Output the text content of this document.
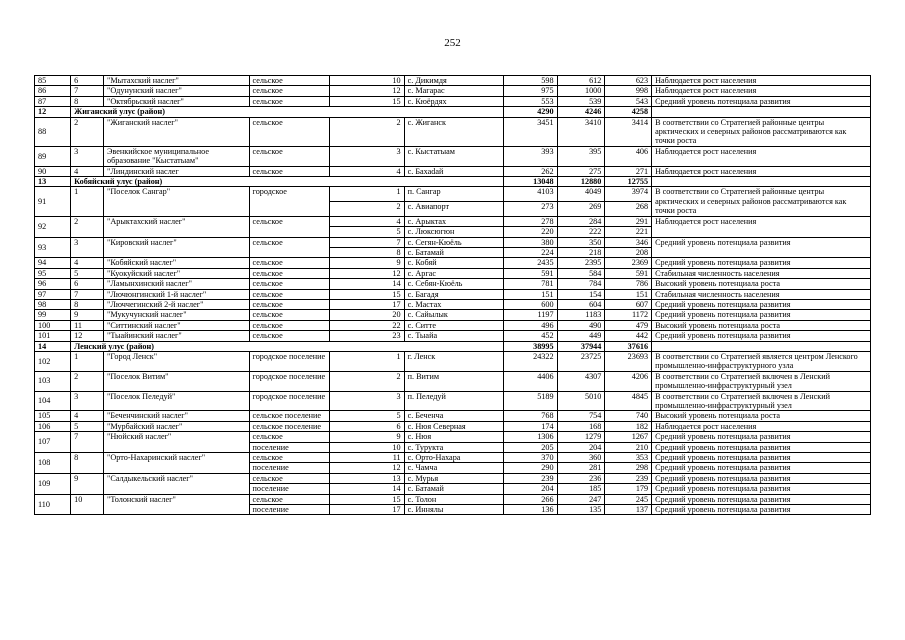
252
85	6	"Мытахский наслег"	сельское	10	с. Дикимдя	598	612	623	Наблюдается рост населения
86	7	"Одунунский наслег"	сельское	12	с. Магарас	975	1000	998	Наблюдается рост населения
87	8	"Октябрьский наслег"	сельское	15	с. Кюёрдях	553	539	543	Средний уровень потенциала развития
12	Жиганский улус (район)					4290	4246	4258	
88	2	"Жиганский наслег"	сельское	2	с. Жиганск	3451	3410	3414	В соответствии со Стратегией районные центры арктических и северных районов рассматриваются как точки роста
89	3	Эвенкийское муниципальное образование "Кыстатыам"	сельское	3	с. Кыстатыам	393	395	406	Наблюдается рост населения
90	4	"Линдинский наслег	сельское	4	с. Бахаdaй	262	275	271	Наблюдается рост населения
13	Кобяйский улус (район)					13048	12880	12755	
91	1	"Поселок Сангар"	городское	1	п. Сангар	4103	4049	3974	В соответствии со Стратегией районные центры арктических и северных районов рассматриваются как точки роста
				2	с. Авиапорт	273	269	268	
92	2	"Арыктахский наслег"	сельское	4	с. Арыктах	278	284	291	Наблюдается рост населения
				5	с. Люксюгюн	220	222	221	
93	3	"Кировский наслег"	сельское	7	с. Сегян-Кюёль	380	350	346	Средний уровень потенциала развития
				8	с. Батамай	224	218	208	
94	4	"Кобяйский наслег"	сельское	9	с. Кобяй	2435	2395	2369	Средний уровень потенциала развития
95	5	"Куокуйский наслег"	сельское	12	с. Аргас	591	584	591	Стабильная численность населения
96	6	"Ламынхинский наслег"	сельское	14	с. Себян-Кюёль	781	784	786	Высокий уровень потенциала роста
97	7	"Лючюнгинский 1-й наслег"	сельское	15	с. Багадя	151	154	151	Стабильная численность населения
98	8	"Люччегинский 2-й наслег"	сельское	17	с. Мастах	600	604	607	Средний уровень потенциала развития
99	9	"Мукучунский наслег"	сельское	20	с. Сайылык	1197	1183	1172	Средний уровень потенциала развития
100	11	"Ситтинский наслег"	сельское	22	с. Ситте	496	490	479	Высокий уровень потенциала роста
101	12	"Тыайинский наслег"	сельское	23	с. Тыайа	452	449	442	Средний уровень потенциала развития
14	Ленский улус (район)					38995	37944	37616	
102	1	"Город Ленск"	городское поселение	1	г. Ленск	24322	23725	23693	В соответствии со Стратегией является центром Ленского промышленно-инфраструктурного узла
103	2	"Поселок Витим"	городское поселение	2	п. Витим	4406	4307	4206	В соответствии со Стратегией включен в Ленский промышленно-инфраструктурный узел
104	3	"Поселок Пеледуй"	городское поселение	3	п. Пеледуй	5189	5010	4845	В соответствии со Стратегией включен в Ленский промышленно-инфраструктурный узел
105	4	"Беченчинский наслег"	сельское поселение	5	с. Беченча	768	754	740	Высокий уровень потенциала роста
106	5	"Мурбайский наслег"	сельское поселение	6	с. Нюя Северная	174	168	182	Наблюдается рост населения
107	7	"Нюйский наслег"	сельское	9	с. Нюя	1306	1279	1267	Средний уровень потенциала развития
			поселение	10	с. Турукта	205	204	210	Средний уровень потенциала развития
108	8	"Орто-Нахаринский наслег"	сельское	11	с. Орто-Нахара	370	360	353	Средний уровень потенциала развития
			поселение	12	с. Чамча	290	281	298	Средний уровень потенциала развития
109	9	"Салдыкельский наслег"	сельское	13	с. Мурья	239	236	239	Средний уровень потенциала развития
			поселение	14	с. Батамай	204	185	179	Средний уровень потенциала развития
110	10	"Толонский наслег"	сельское	15	с. Толон	266	247	245	Средний уровень потенциала развития
			поселение	17	с. Иннялы	136	135	137	Средний уровень потенциала развития
